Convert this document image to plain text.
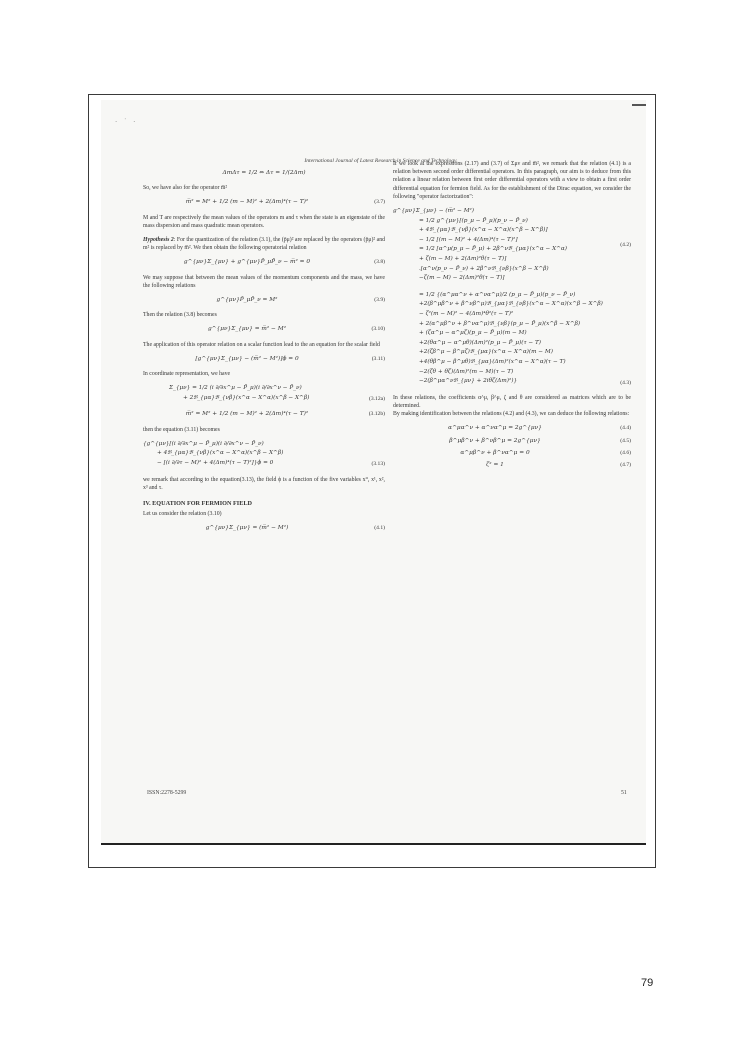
· ˙ ·
International Journal of Latest Research in Science and Technology.
ΔmΔτ = 1/2 ⇔ Δτ = 1/(2Δm)
So, we have also for the operator m̅²
m̅² = M² + 1/2 (m − M)² + 2(Δm)⁴(τ − T)²	(3.7)
M and T are respectively the mean values of the operators m and τ when the state is an eigenstate of the mass dispersion and mass quadratic mean operators.
Hypothesis 2: For the quantization of the relation (3.1), the (p̄μ)² are replaced by the operators (p̄μ)² and m² is replaced by m̅². We then obtain the following operatorial relation
g^{μν}Σ_{μν} + g^{μν}P̄_μP̄_ν − m̅² = 0	(3.8)
We may suppose that between the mean values of the momentum components and the mass, we have the following relations
g^{μν}P̄_μP̄_ν = M²	(3.9)
Then the relation (3.8) becomes
g^{μν}Σ_{μν} = m̅² − M²	(3.10)
The application of this operator relation on a scalar function lead to the an equation for the scalar field
[g^{μν}Σ_{μν} − (m̅² − M²)]ϕ = 0	(3.11)
In coordinate representation, we have
Σ_{μν} = 1/2 (i ∂/∂x^μ − P̄_μ)(i ∂/∂x^ν − P̄_ν)
+ 2𝔅_{μα}𝔅_{νβ}(x^α − X^α)(x^β − X^β)	(3.12a)
m̅² = M² + 1/2 (m − M)² + 2(Δm)⁴(τ − T)²	(3.12b)
then the equation (3.11) becomes
{g^{μν}[(i ∂/∂x^μ − P̄_μ)(i ∂/∂x^ν − P̄_ν)
+ 4𝔅_{μα}𝔅_{νβ}(x^α − X^α)(x^β − X^β)
− [(i ∂/∂τ − M)² + 4(Δm)⁴(τ − T)²]}ϕ = 0	(3.13)
we remark that according to the equation(3.13), the field ϕ is a function of the five variables x⁰, x¹, x², x³ and τ.
IV. EQUATION FOR FERMION FIELD
Let us consider the relation (3.10)
g^{μν}Σ_{μν} = (m̅² − M²)	(4.1)
If we look at the expressions (2.17) and (3.7) of Σμν and m̅², we remark that the relation (4.1) is a relation between second order differential operators. In this paragraph, our aim is to deduce from this relation a linear relation between first order differential operators with a view to obtain a first order differential equation for fermion field. As for the establishment of the Dirac equation, we consider the following "operator factorization":
g^{μν}Σ_{μν} − (m̅² − M²)
= 1/2 g^{μν}[(p_μ − P̄_μ)(p_ν − P̄_ν)
+ 4𝔅_{μα}𝔅_{νβ}(x^α − X^α)(x^β − X^β)]
− 1/2 [(m − M)² + 4(Δm)⁴(τ − T)²]
= 1/2 [α^μ(p_μ − P̄_μ) + 2β^ν𝔅_{μα}(x^α − X^α)
+ ζ(m − M) + 2(Δm)²θ(τ − T)]
.[α^ν(p_ν − P̄_ν) + 2β^ν𝔅_{νβ}(x^β − X^β)
−ζ(m − M) − 2(Δm)²θ(τ − T)]
(4.2)
= 1/2 {(α^μα^ν + α^να^μ)/2 (p_μ − P̄_μ)(p_ν − P̄_ν)
+2(β^μβ^ν + β^νβ^μ)𝔅_{μα}𝔅_{νβ}(x^α − X^α)(x^β − X^β)
− ζ²(m − M)² − 4(Δm)⁴θ²(τ − T)²
+ 2(α^μβ^ν + β^να^μ)𝔅_{νβ}(p_μ − P̄_μ)(x^β − X^β)
+ (ζα^μ − α^μζ)(p_μ − P̄_μ)(m − M)
+2(θα^μ − α^μθ)(Δm)²(p_μ − P̄_μ)(τ − T)
+2(ζβ^μ − β^μζ)𝔅_{μα}(x^α − X^α)(m − M)
+4(θβ^μ − β^μθ)𝔅_{μα}(Δm)²(x^α − X^α)(τ − T)
−2(ζθ + θζ)(Δm)²(m − M)(τ − T)
−2(β^μα^ν𝔅_{μν} + 2iθζ(Δm)²)}	(4.3)
In these relations, the coefficients α^μ, β^μ, ζ and θ are considered as matrices which are to be determined.
By making identification between the relations (4.2) and (4.3), we can deduce the following relations:
α^μα^ν + α^να^μ = 2g^{μν}	(4.4)
β^μβ^ν + β^νβ^μ = 2g^{μν}	(4.5)
α^μβ^ν + β^να^μ = 0	(4.6)
ζ² = 1	(4.7)
ISSN:2278-5299	51
79
